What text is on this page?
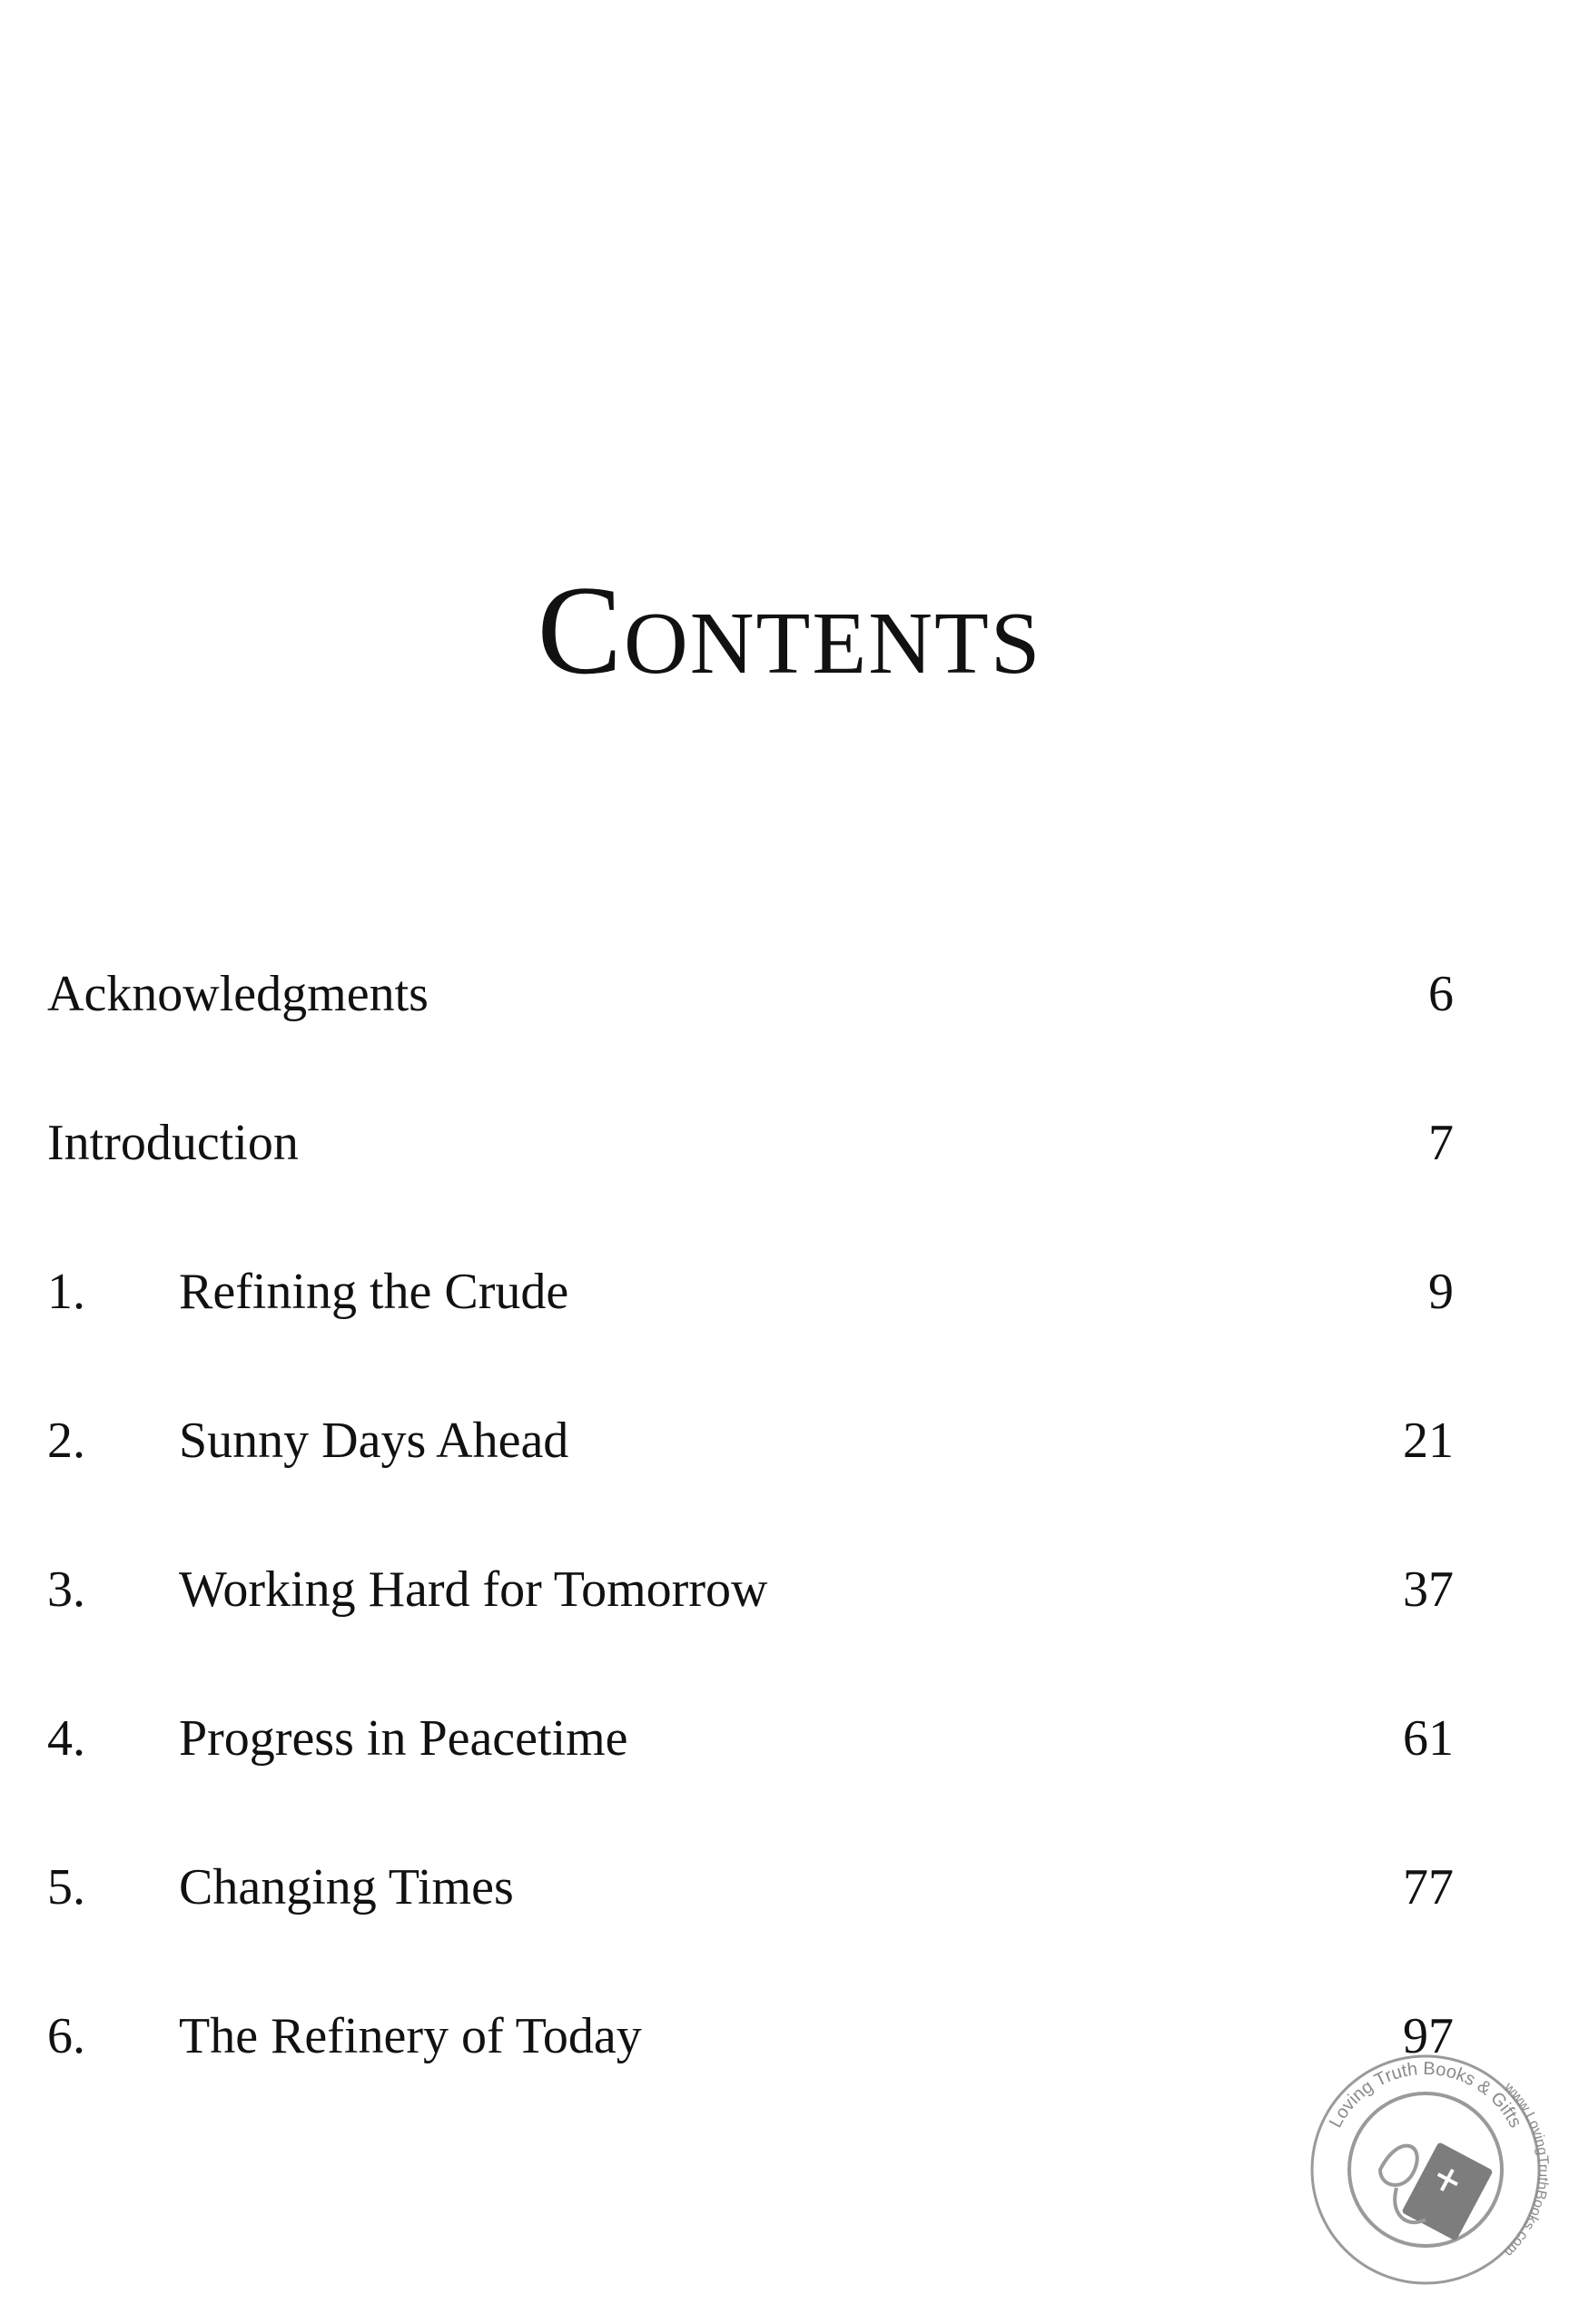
Contents
Acknowledgments	6
Introduction	7
1. Refining the Crude	9
2. Sunny Days Ahead	21
3. Working Hard for Tomorrow	37
4. Progress in Peacetime	61
5. Changing Times	77
6. The Refinery of Today	97
Loving Truth Books & Gifts
www.LovingTruthBooks.com
